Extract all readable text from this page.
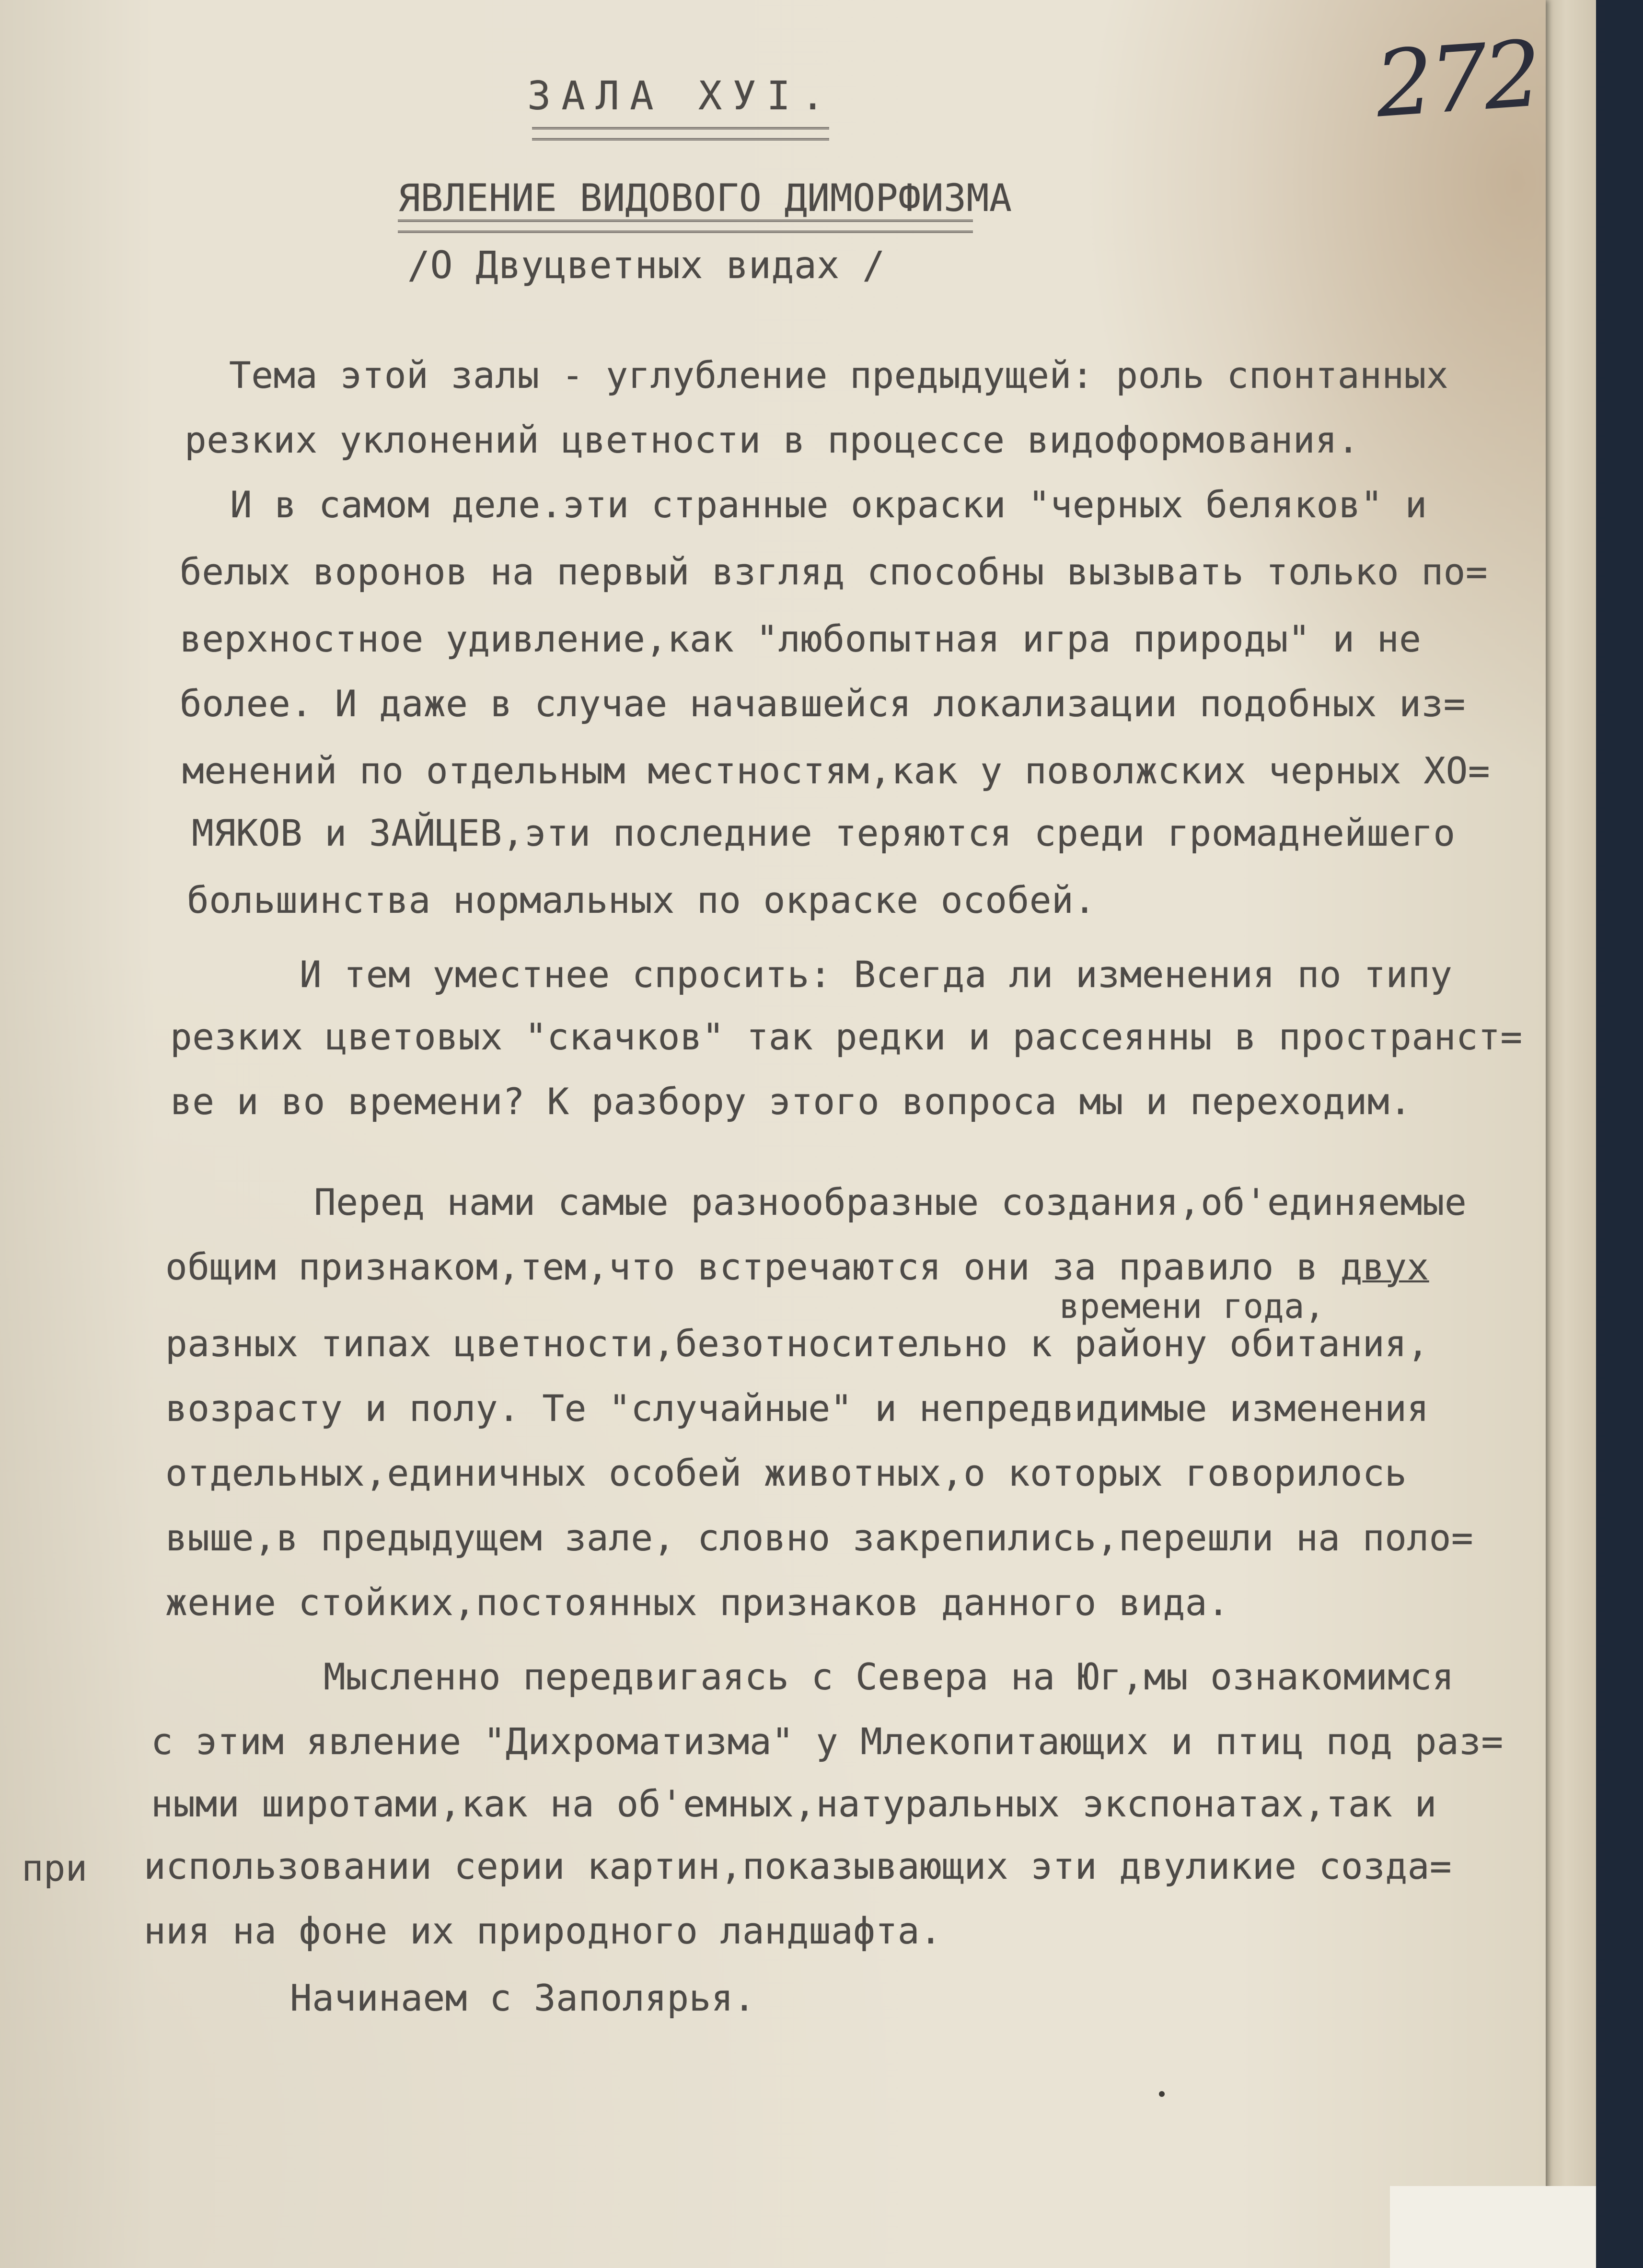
272
ЗАЛА ХУI.
ЯВЛЕНИЕ ВИДОВОГО ДИМОРФИЗМА
/О Двуцветных видах /
Тема этой залы - углубление предыдущей: роль спонтанных
резких уклонений цветности в процессе видоформования.
И в самом деле.эти странные окраски "черных беляков" и
белых воронов на первый взгляд способны вызывать только по=
верхностное удивление,как "любопытная игра природы" и не
более. И даже в случае начавшейся локализации подобных из=
менений по отдельным местностям,как у поволжских черных ХО=
МЯКОВ и ЗАЙЦЕВ,эти последние теряются среди громаднейшего
большинства нормальных по окраске особей.
И тем уместнее спросить: Всегда ли изменения по типу
резких цветовых "скачков" так редки и рассеянны в пространст=
ве и во времени? К разбору этого вопроса мы и переходим.
Перед нами самые разнообразные создания,об'единяемые
общим признаком,тем,что встречаются они за правило в двух
времени года,
разных типах цветности,безотносительно к району обитания,
возрасту и полу. Те "случайные" и непредвидимые изменения
отдельных,единичных особей животных,о которых говорилось
выше,в предыдущем зале, словно закрепились,перешли на поло=
жение стойких,постоянных признаков данного вида.
Мысленно передвигаясь с Севера на Юг,мы ознакомимся
с этим явление "Дихроматизма" у Млекопитающих и птиц под раз=
ными широтами,как на об'емных,натуральных экспонатах,так и
при использовании серии картин,показывающих эти двуликие созда=
ния на фоне их природного ландшафта.
Начинаем с Заполярья.
